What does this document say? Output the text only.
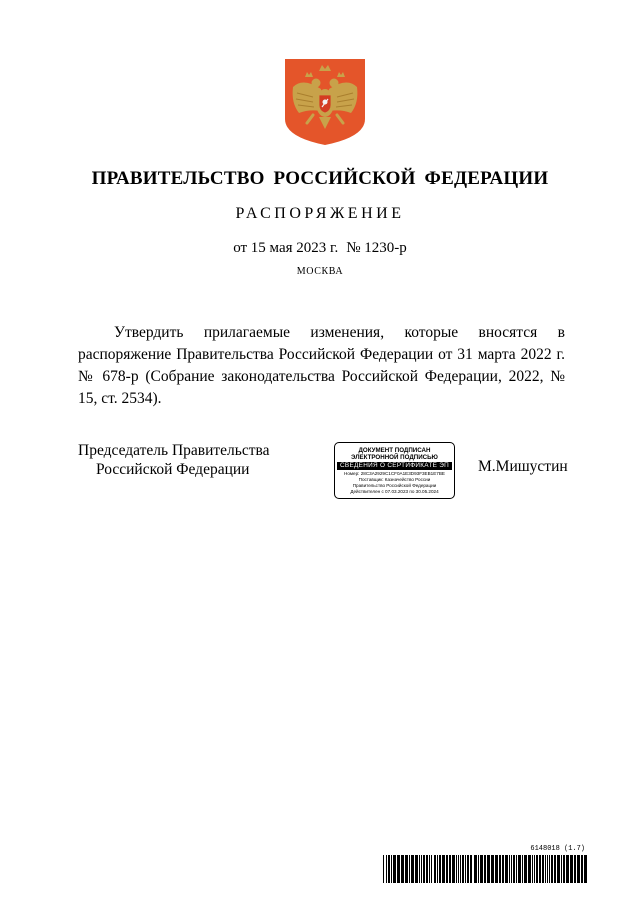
ПРАВИТЕЛЬСТВО РОССИЙСКОЙ ФЕДЕРАЦИИ
РАСПОРЯЖЕНИЕ
от 15 мая 2023 г. № 1230-р
МОСКВА

Утвердить прилагаемые изменения, которые вносятся в распоряжение Правительства Российской Федерации от 31 марта 2022 г. № 678-р (Собрание законодательства Российской Федерации, 2022, № 15, ст. 2534).

Председатель Правительства
Российской Федерации
ДОКУМЕНТ ПОДПИСАН
ЭЛЕКТРОННОЙ ПОДПИСЬЮ
СВЕДЕНИЯ О СЕРТИФИКАТЕ ЭП
Номер: 28C3A2929C1CF0A1E3D93F3EB1E7BE
Поставщик: Казначейство России
Правительство Российской Федерации
Действителен с 07.03.2023 по 30.05.2024
М.Мишустин
6148018 (1.7)
